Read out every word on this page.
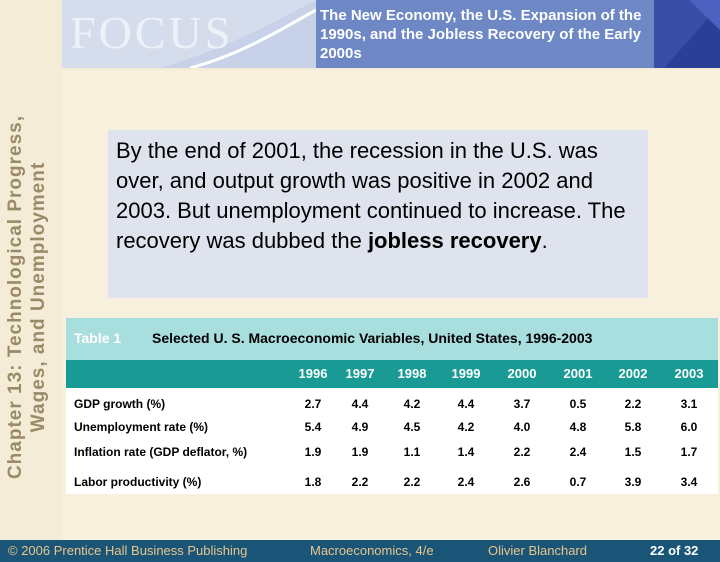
Chapter 13: Technological Progress, Wages, and Unemployment
FOCUS	The New Economy, the U.S. Expansion of the 1990s, and the Jobless Recovery of the Early 2000s
By the end of 2001, the recession in the U.S. was over, and output growth was positive in 2002 and 2003. But unemployment continued to increase. The recovery was dubbed the jobless recovery.
Table 1 Selected U. S. Macroeconomic Variables, United States, 1996-2003
1996	1997	1998	1999	2000	2001	2002	2003
GDP growth (%)	2.7	4.4	4.2	4.4	3.7	0.5	2.2	3.1
Unemployment rate (%)	5.4	4.9	4.5	4.2	4.0	4.8	5.8	6.0
Inflation rate (GDP deflator, %)	1.9	1.9	1.1	1.4	2.2	2.4	1.5	1.7
Labor productivity (%)	1.8	2.2	2.2	2.4	2.6	0.7	3.9	3.4
© 2006 Prentice Hall Business Publishing	Macroeconomics, 4/e	Olivier Blanchard	22 of 32
